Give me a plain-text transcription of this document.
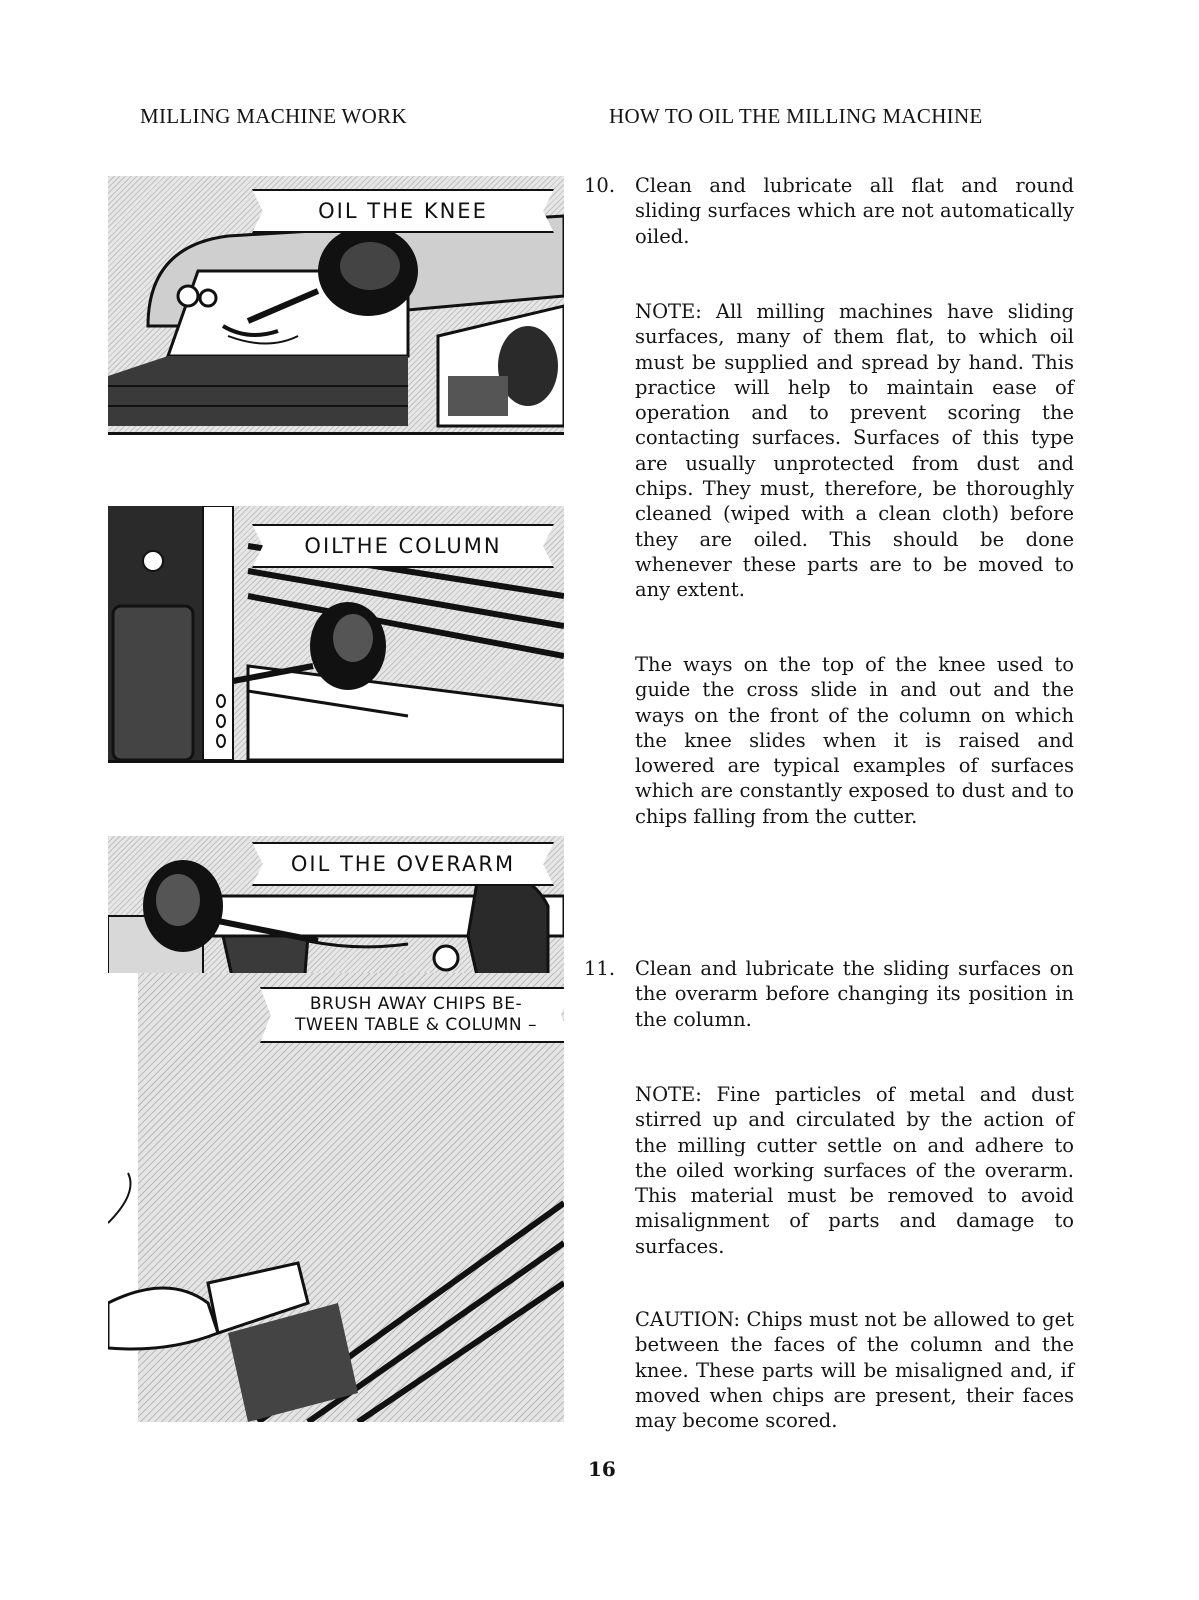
MILLING MACHINE WORK	HOW TO OIL THE MILLING MACHINE
OIL THE KNEE
OILTHE COLUMN
OIL THE OVERARM
BRUSH AWAY CHIPS BE-
TWEEN TABLE & COLUMN –
10. Clean and lubricate all flat and round sliding surfaces which are not automatically oiled.
NOTE: All milling machines have sliding surfaces, many of them flat, to which oil must be supplied and spread by hand. This practice will help to maintain ease of operation and to prevent scoring the contacting surfaces. Surfaces of this type are usually unprotected from dust and chips. They must, therefore, be thoroughly cleaned (wiped with a clean cloth) before they are oiled. This should be done whenever these parts are to be moved to any extent.
The ways on the top of the knee used to guide the cross slide in and out and the ways on the front of the column on which the knee slides when it is raised and lowered are typical examples of surfaces which are constantly exposed to dust and to chips falling from the cutter.
11. Clean and lubricate the sliding surfaces on the overarm before changing its position in the column.
NOTE: Fine particles of metal and dust stirred up and circulated by the action of the milling cutter settle on and adhere to the oiled working surfaces of the overarm. This material must be removed to avoid misalignment of parts and damage to surfaces.
CAUTION: Chips must not be allowed to get between the faces of the column and the knee. These parts will be misaligned and, if moved when chips are present, their faces may become scored.
16
